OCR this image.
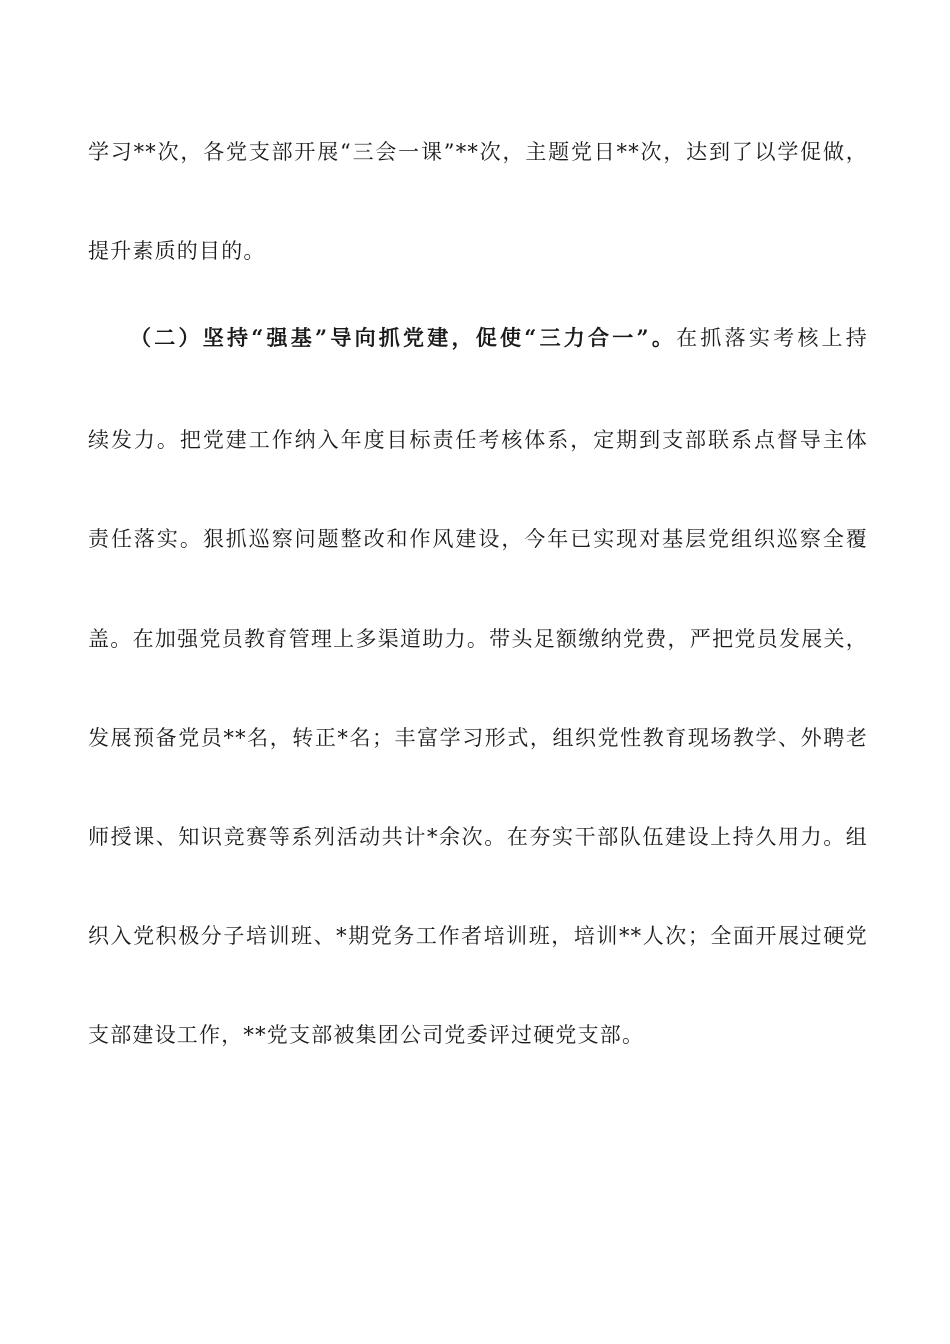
学习**次，各党支部开展“三会一课”**次，主题党日**次，达到了以学促做，
提升素质的目的。
（二）坚持“强基”导向抓党建，促使“三力合一”。在抓落实考核上持
续发力。把党建工作纳入年度目标责任考核体系，定期到支部联系点督导主体
责任落实。狠抓巡察问题整改和作风建设，今年已实现对基层党组织巡察全覆
盖。在加强党员教育管理上多渠道助力。带头足额缴纳党费，严把党员发展关，
发展预备党员**名，转正*名；丰富学习形式，组织党性教育现场教学、外聘老
师授课、知识竞赛等系列活动共计*余次。在夯实干部队伍建设上持久用力。组
织入党积极分子培训班、*期党务工作者培训班，培训**人次；全面开展过硬党
支部建设工作，**党支部被集团公司党委评过硬党支部。
